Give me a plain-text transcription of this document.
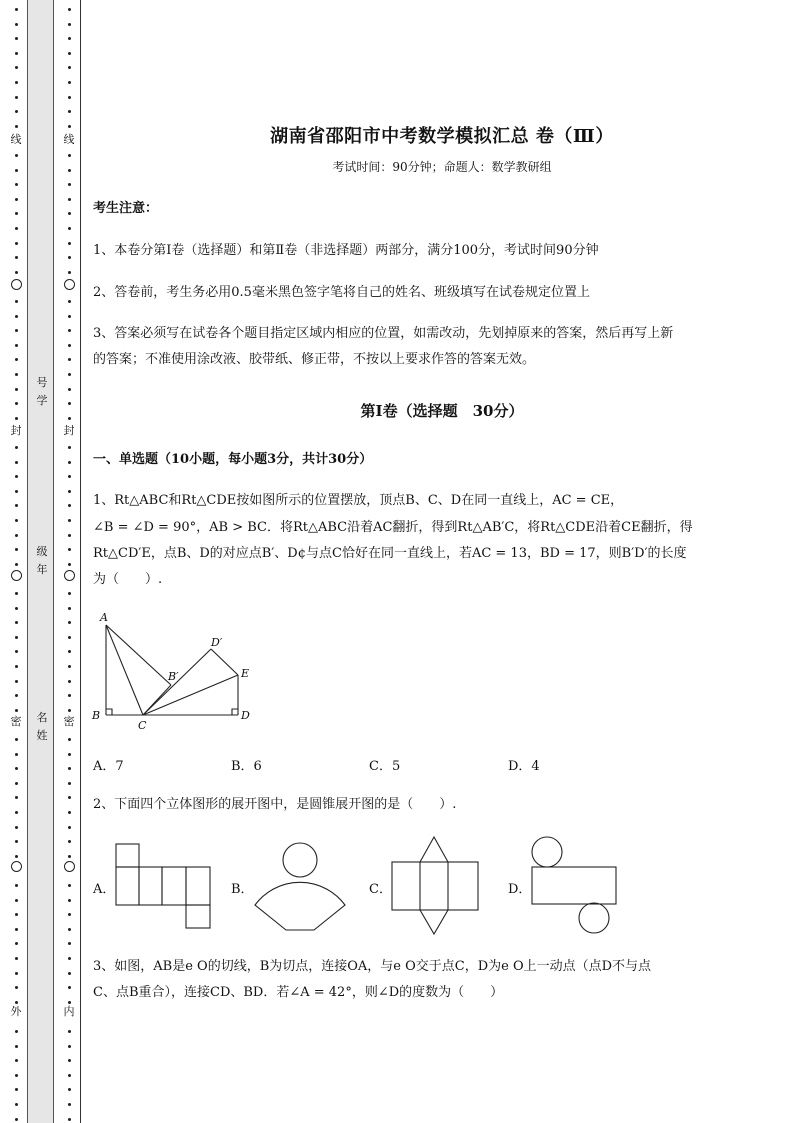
线
封
密
外
线
封
密
内
号学
级年
名姓
湖南省邵阳市中考数学模拟汇总 卷（Ⅲ）
考试时间：90分钟；命题人：数学教研组
考生注意：
1、本卷分第Ⅰ卷（选择题）和第Ⅱ卷（非选择题）两部分，满分100分，考试时间90分钟
2、答卷前，考生务必用0.5毫米黑色签字笔将自己的姓名、班级填写在试卷规定位置上
3、答案必须写在试卷各个题目指定区域内相应的位置，如需改动，先划掉原来的答案，然后再写上新
的答案；不准使用涂改液、胶带纸、修正带，不按以上要求作答的答案无效。
第Ⅰ卷（选择题　30分）
一、单选题（10小题，每小题3分，共计30分）
1、Rt△ABC和Rt△CDE按如图所示的位置摆放，顶点B、C、D在同一直线上，AC = CE，
∠B = ∠D = 90°，AB > BC．将Rt△ABC沿着AC翻折，得到Rt△AB′C，将Rt△CDE沿着CE翻折，得
Rt△CD′E，点B、D的对应点B′、D¢与点C恰好在同一直线上，若AC = 13，BD = 17，则B′D′的长度
为（　　）.
A
B
C
D
E
B′
D′
A．7	B．6	C．5	D．4
2、下面四个立体图形的展开图中，是圆锥展开图的是（　　）.
A．	B．	C．	D．
3、如图，AB是e O的切线，B为切点，连接OA，与e O交于点C，D为e O上一动点（点D不与点
C、点B重合），连接CD、BD．若∠A = 42°，则∠D的度数为（　　）
